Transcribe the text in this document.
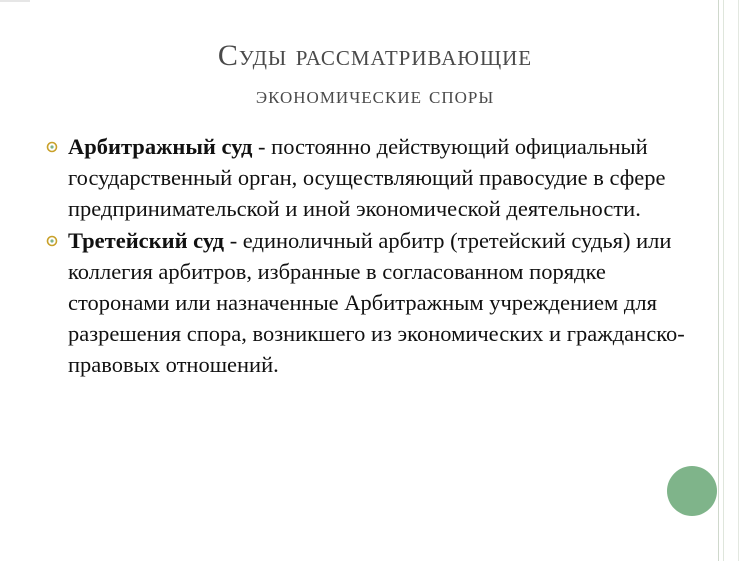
Суды рассматривающие
экономические споры
Арбитражный суд - постоянно действующий официальный государственный орган, осуществляющий правосудие в сфере предпринимательской и иной экономической деятельности.
Третейский суд - единоличный арбитр (третейский судья) или коллегия арбитров, избранные в согласованном порядке сторонами или назначенные Арбитражным учреждением для разрешения спора, возникшего из экономических и гражданско-правовых отношений.
